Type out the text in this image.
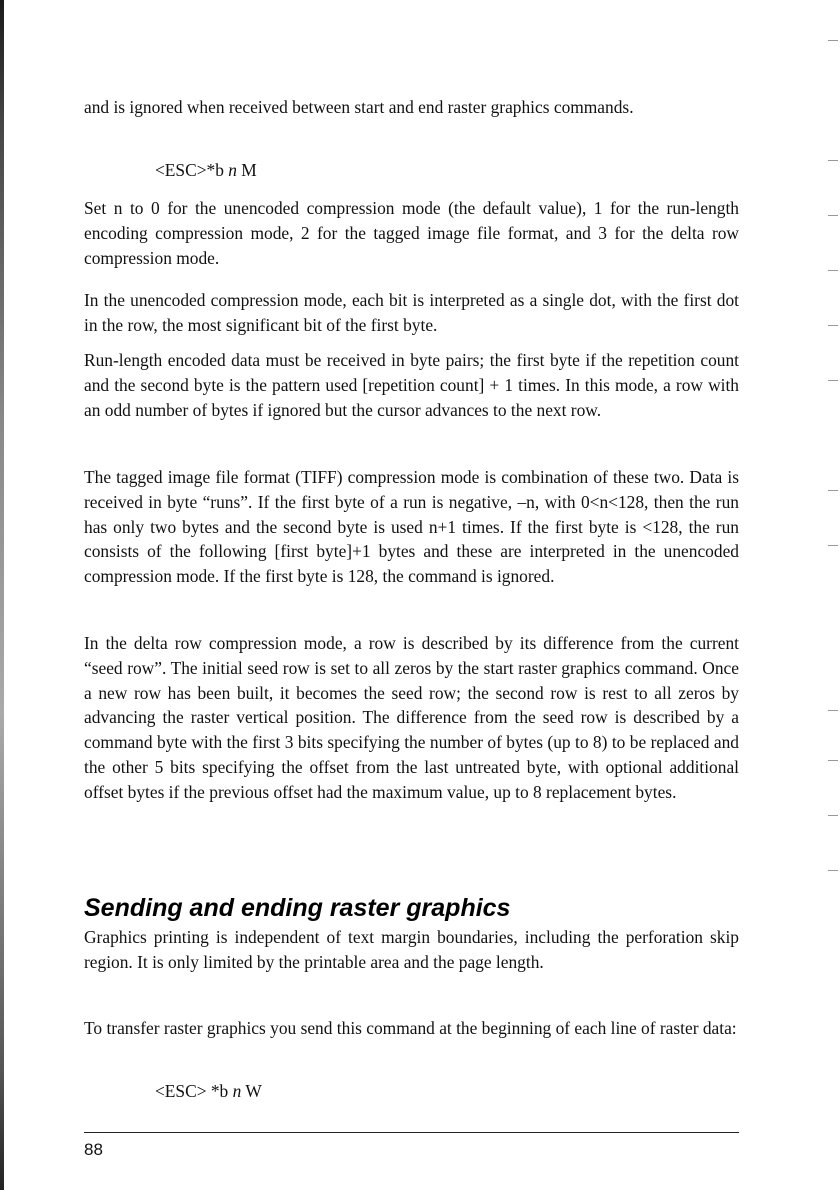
and is ignored when received between start and end raster graphics commands.

<ESC>*b n M

Set n to 0 for the unencoded compression mode (the default value), 1 for the run-length encoding compression mode, 2 for the tagged image file format, and 3 for the delta row compression mode.

In the unencoded compression mode, each bit is interpreted as a single dot, with the first dot in the row, the most significant bit of the first byte.

Run-length encoded data must be received in byte pairs; the first byte if the repetition count and the second byte is the pattern used [repetition count] + 1 times. In this mode, a row with an odd number of bytes if ignored but the cursor advances to the next row.

The tagged image file format (TIFF) compression mode is combination of these two. Data is received in byte “runs”. If the first byte of a run is negative, –n, with 0<n<128, then the run has only two bytes and the second byte is used n+1 times. If the first byte is <128, the run consists of the following [first byte]+1 bytes and these are interpreted in the unencoded compression mode. If the first byte is 128, the command is ignored.

In the delta row compression mode, a row is described by its difference from the current “seed row”. The initial seed row is set to all zeros by the start raster graphics command. Once a new row has been built, it becomes the seed row; the second row is rest to all zeros by advancing the raster vertical position. The difference from the seed row is described by a command byte with the first 3 bits specifying the number of bytes (up to 8) to be replaced and the other 5 bits specifying the offset from the last untreated byte, with optional additional offset bytes if the previous offset had the maximum value, up to 8 replacement bytes.

Sending and ending raster graphics

Graphics printing is independent of text margin boundaries, including the perforation skip region. It is only limited by the printable area and the page length.

To transfer raster graphics you send this command at the beginning of each line of raster data:

<ESC> *b n W

88
